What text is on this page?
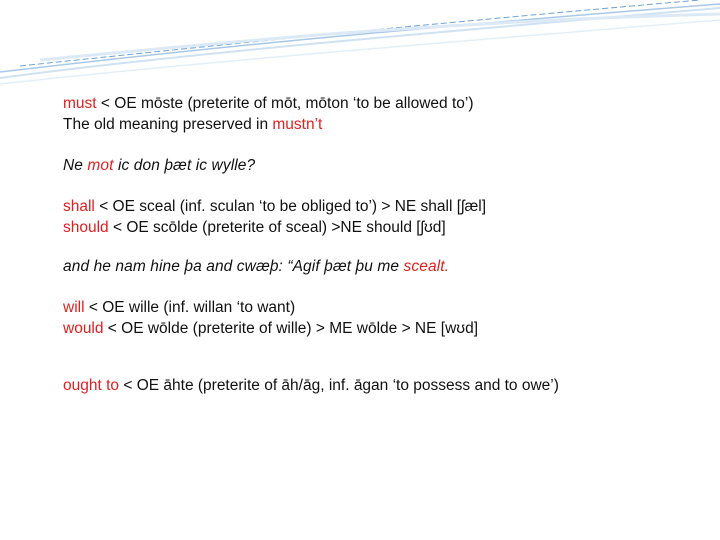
must < OE mōste (preterite of mōt, mōton ‘to be allowed to’)

The old meaning preserved in mustn’t

Ne mot ic don þæt ic wylle?

shall < OE sceal (inf. sculan ‘to be obliged to’) > NE shall [ʃæl]

should < OE scōlde (preterite of sceal) >NE should [ʃʊd]

and he nam hine þa and cwæþ: “Agif þæt þu me scealt.

will < OE wille (inf. willan ‘to want)

would < OE wōlde (preterite of wille) > ME wōlde > NE [wʊd]

ought to < OE āhte (preterite of āh/āg, inf. āgan ‘to possess and to owe’)
